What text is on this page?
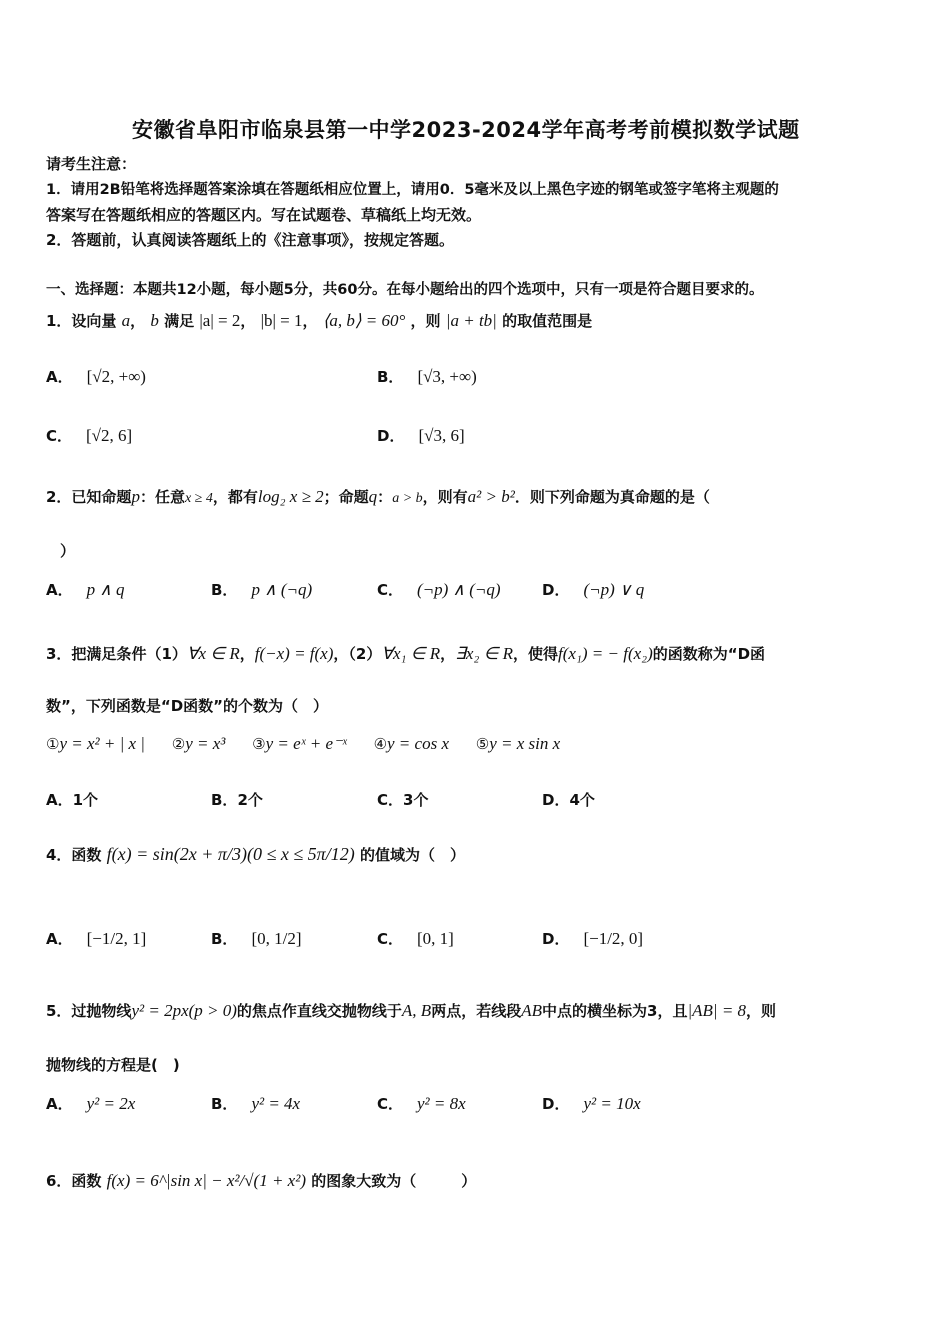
安徽省阜阳市临泉县第一中学2023-2024学年高考考前模拟数学试题
请考生注意：
1．请用2B铅笔将选择题答案涂填在答题纸相应位置上，请用0．5毫米及以上黑色字迹的钢笔或签字笔将主观题的
答案写在答题纸相应的答题区内。写在试题卷、草稿纸上均无效。
2．答题前，认真阅读答题纸上的《注意事项》，按规定答题。
一、选择题：本题共12小题，每小题5分，共60分。在每小题给出的四个选项中，只有一项是符合题目要求的。
1．设向量 a， b 满足 |a| = 2， |b| = 1， ⟨a, b⟩ = 60° ，则 |a + tb| 的取值范围是
A． [√2, +∞)	B． [√3, +∞)
C． [√2, 6]	D． [√3, 6]
2．已知命题p：任意x ≥ 4，都有log₂ x ≥ 2；命题q：a > b，则有a² > b²．则下列命题为真命题的是（
）
A． p ∧ q	B． p ∧ (¬q)	C． (¬p) ∧ (¬q)	D． (¬p) ∨ q
3．把满足条件（1）∀x ∈ R，f(−x) = f(x)，（2）∀x₁ ∈ R，∃x₂ ∈ R，使得f(x₁) = − f(x₂)的函数称为“D函
数”，下列函数是“D函数”的个数为（　）
①y = x² + | x | ②y = x³ ③y = eˣ + e⁻ˣ ④y = cos x ⑤y = x sin x
A．1个	B．2个	C．3个	D．4个
4．函数 f(x) = sin(2x + π/3)(0 ≤ x ≤ 5π/12) 的值域为（　）
A． [−1/2, 1]	B． [0, 1/2]	C． [0, 1]	D． [−1/2, 0]
5．过抛物线y² = 2px(p > 0)的焦点作直线交抛物线于A, B两点，若线段AB中点的横坐标为3，且|AB| = 8，则
抛物线的方程是(　)
A． y² = 2x	B． y² = 4x	C． y² = 8x	D． y² = 10x
6．函数 f(x) = 6^|sin x| − x²/√(1 + x²) 的图象大致为（　　　）
